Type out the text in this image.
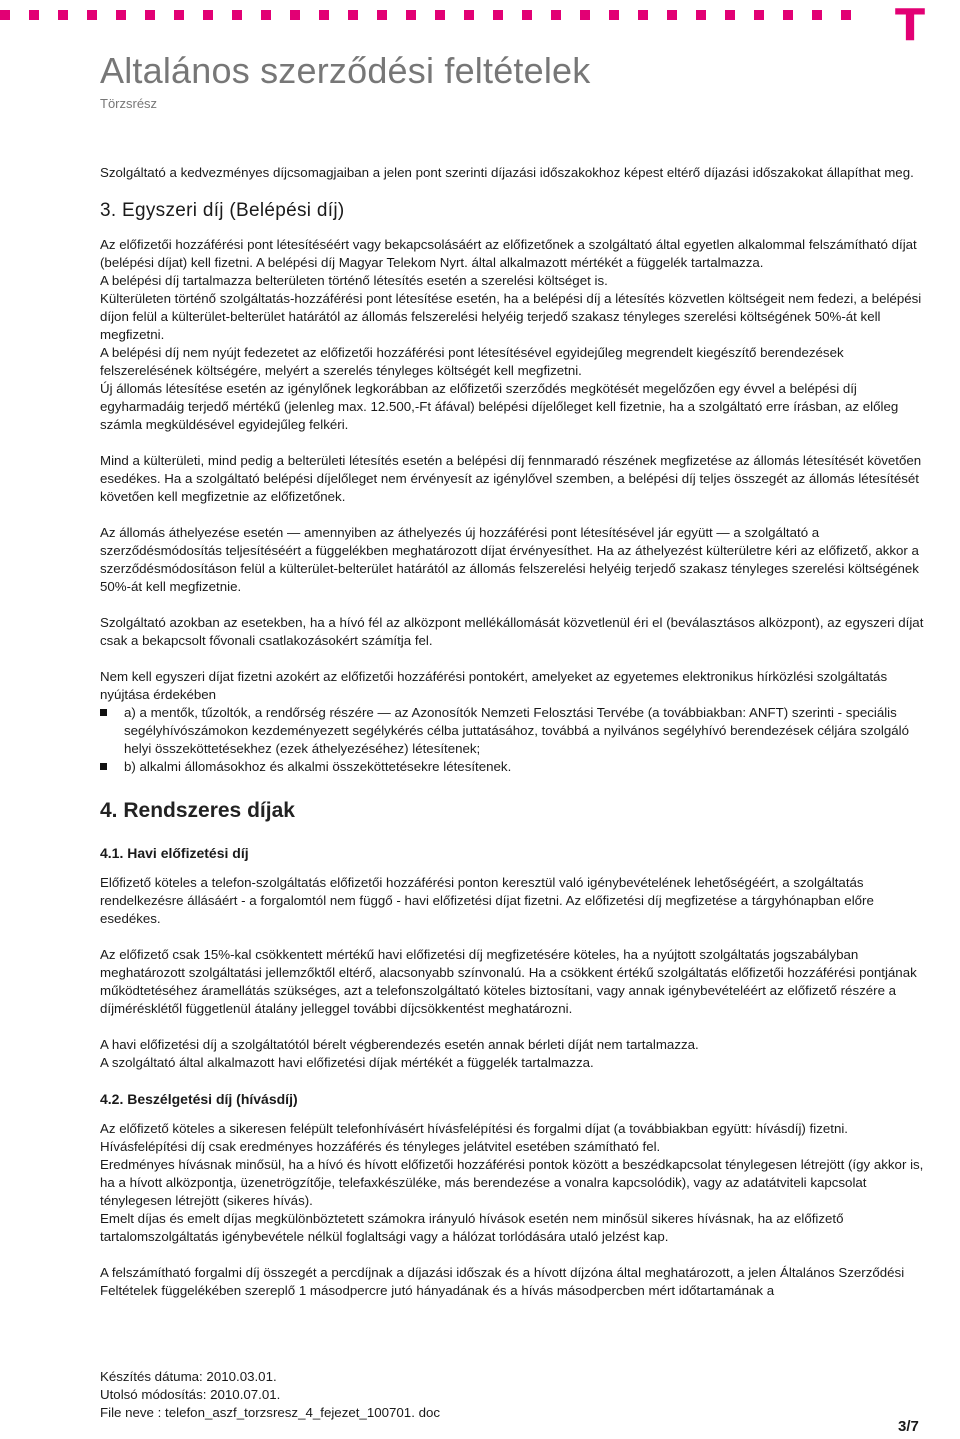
T
Altalános szerződési feltételek
Törzsrész

Szolgáltató a kedvezményes díjcsomagjaiban a jelen pont szerinti díjazási időszakokhoz képest eltérő díjazási időszakokat állapíthat meg.

3. Egyszeri díj (Belépési díj)

Az előfizetői hozzáférési pont létesítéséért vagy bekapcsolásáért az előfizetőnek a szolgáltató által egyetlen alkalommal felszámítható díjat (belépési díjat) kell fizetni. A belépési díj Magyar Telekom Nyrt. által alkalmazott mértékét a függelék tartalmazza.

A belépési díj tartalmazza belterületen történő létesítés esetén a szerelési költséget is.

Külterületen történő szolgáltatás-hozzáférési pont létesítése esetén, ha a belépési díj a létesítés közvetlen költségeit nem fedezi, a belépési díjon felül a külterület-belterület határától az állomás felszerelési helyéig terjedő szakasz tényleges szerelési költségének 50%-át kell megfizetni.

A belépési díj nem nyújt fedezetet az előfizetői hozzáférési pont létesítésével egyidejűleg megrendelt kiegészítő berendezések felszerelésének költségére, melyért a szerelés tényleges költségét kell megfizetni.

Új állomás létesítése esetén az igénylőnek legkorábban az előfizetői szerződés megkötését megelőzően egy évvel a belépési díj egyharmadáig terjedő mértékű (jelenleg max. 12.500,-Ft áfával) belépési díjelőleget kell fizetnie, ha a szolgáltató erre írásban, az előleg számla megküldésével egyidejűleg felkéri.

Mind a külterületi, mind pedig a belterületi létesítés esetén a belépési díj fennmaradó részének megfizetése az állomás létesítését követően esedékes. Ha a szolgáltató belépési díjelőleget nem érvényesít az igénylővel szemben, a belépési díj teljes összegét az állomás létesítését követően kell megfizetnie az előfizetőnek.

Az állomás áthelyezése esetén — amennyiben az áthelyezés új hozzáférési pont létesítésével jár együtt — a szolgáltató a szerződésmódosítás teljesítéséért a függelékben meghatározott díjat érvényesíthet. Ha az áthelyezést külterületre kéri az előfizető, akkor a szerződésmódosításon felül a külterület-belterület határától az állomás felszerelési helyéig terjedő szakasz tényleges szerelési költségének 50%-át kell megfizetnie.

Szolgáltató azokban az esetekben, ha a hívó fél az alközpont mellékállomását közvetlenül éri el (beválasztásos alközpont), az egyszeri díjat csak a bekapcsolt fővonali csatlakozásokért számítja fel.

Nem kell egyszeri díjat fizetni azokért az előfizetői hozzáférési pontokért, amelyeket az egyetemes elektronikus hírközlési szolgáltatás nyújtása érdekében

a) a mentők, tűzoltók, a rendőrség részére — az Azonosítók Nemzeti Felosztási Tervébe (a továbbiakban: ANFT) szerinti - speciális segélyhívószámokon kezdeményezett segélykérés célba juttatásához, továbbá a nyilvános segélyhívó berendezések céljára szolgáló helyi összeköttetésekhez (ezek áthelyezéséhez) létesítenek;
b) alkalmi állomásokhoz és alkalmi összeköttetésekre létesítenek.
4. Rendszeres díjak
4.1. Havi előfizetési díj

Előfizető köteles a telefon-szolgáltatás előfizetői hozzáférési ponton keresztül való igénybevételének lehetőségéért, a szolgáltatás rendelkezésre állásáért - a forgalomtól nem függő - havi előfizetési díjat fizetni. Az előfizetési díj megfizetése a tárgyhónapban előre esedékes.

Az előfizető csak 15%-kal csökkentett mértékű havi előfizetési díj megfizetésére köteles, ha a nyújtott szolgáltatás jogszabályban meghatározott szolgáltatási jellemzőktől eltérő, alacsonyabb színvonalú. Ha a csökkent értékű szolgáltatás előfizetői hozzáférési pontjának működtetéséhez áramellátás szükséges, azt a telefonszolgáltató köteles biztosítani, vagy annak igénybevételéért az előfizető részére a díjmérésklétől függetlenül átalány jelleggel további díjcsökkentést meghatározni.

A havi előfizetési díj a szolgáltatótól bérelt végberendezés esetén annak bérleti díját nem tartalmazza.

A szolgáltató által alkalmazott havi előfizetési díjak mértékét a függelék tartalmazza.

4.2. Beszélgetési díj (hívásdíj)

Az előfizető köteles a sikeresen felépült telefonhívásért hívásfelépítési és forgalmi díjat (a továbbiakban együtt: hívásdíj) fizetni.

Hívásfelépítési díj csak eredményes hozzáférés és tényleges jelátvitel esetében számítható fel.

Eredményes hívásnak minősül, ha a hívó és hívott előfizetői hozzáférési pontok között a beszédkapcsolat ténylegesen létrejött (így akkor is, ha a hívott alközpontja, üzenetrögzítője, telefaxkészüléke, más berendezése a vonalra kapcsolódik), vagy az adatátviteli kapcsolat ténylegesen létrejött (sikeres hívás).

Emelt díjas és emelt díjas megkülönböztetett számokra irányuló hívások esetén nem minősül sikeres hívásnak, ha az előfizető tartalomszolgáltatás igénybevétele nélkül foglaltsági vagy a hálózat torlódására utaló jelzést kap.

A felszámítható forgalmi díj összegét a percdíjnak a díjazási időszak és a hívott díjzóna által meghatározott, a jelen Általános Szerződési Feltételek függelékében szereplő 1 másodpercre jutó hányadának és a hívás másodpercben mért időtartamának a

Készítés dátuma: 2010.03.01.
Utolsó módosítás: 2010.07.01.
File neve : telefon_aszf_torzsresz_4_fejezet_100701. doc
3/7
